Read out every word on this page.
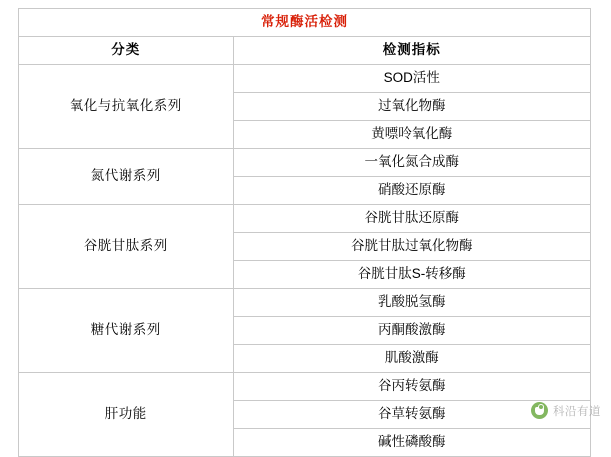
常规酶活检测	
分类	检测指标
氧化与抗氧化系列	SOD活性
	过氧化物酶
	黄嘌呤氧化酶
氮代谢系列	一氧化氮合成酶
	硝酸还原酶
谷胱甘肽系列	谷胱甘肽还原酶
	谷胱甘肽过氧化物酶
	谷胱甘肽S-转移酶
糖代谢系列	乳酸脱氢酶
	丙酮酸激酶
	肌酸激酶
肝功能	谷丙转氨酶
	谷草转氨酶
	碱性磷酸酶
科沿有道
